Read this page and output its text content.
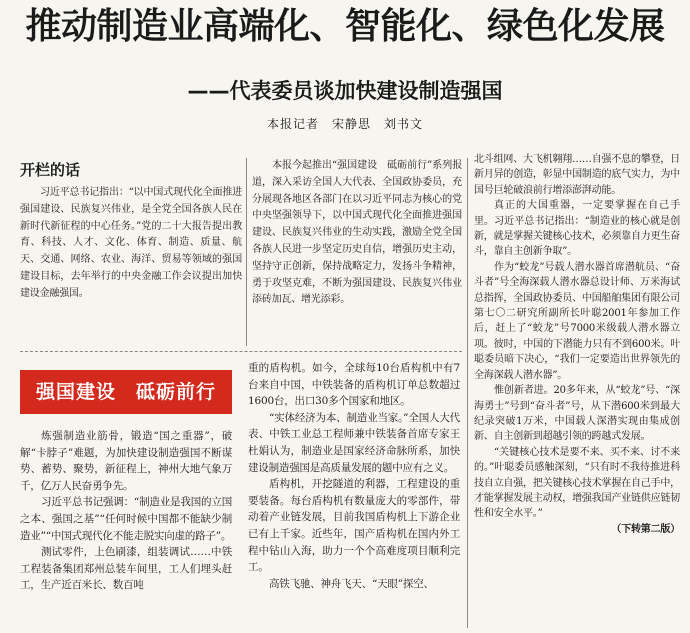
推动制造业高端化、智能化、绿色化发展
——代表委员谈加快建设制造强国
本报记者　宋静思　刘书文
开栏的话

习近平总书记指出：“以中国式现代化全面推进强国建设、民族复兴伟业，是全党全国各族人民在新时代新征程的中心任务。”党的二十大报告提出教育、科技、人才、文化、体育、制造、质量、航天、交通、网络、农业、海洋、贸易等领域的强国建设目标，去年举行的中央金融工作会议提出加快建设金融强国。

本报今起推出“强国建设　砥砺前行”系列报道，深入采访全国人大代表、全国政协委员，充分展现各地区各部门在以习近平同志为核心的党中央坚强领导下，以中国式现代化全面推进强国建设、民族复兴伟业的生动实践，激励全党全国各族人民进一步坚定历史自信，增强历史主动，坚持守正创新，保持战略定力，发扬斗争精神，勇于攻坚克难，不断为强国建设、民族复兴伟业添砖加瓦、增光添彩。

强国建设　砥砺前行

炼强制造业筋骨，锻造“国之重器”，破解“卡脖子”难题，为加快建设制造强国不断谋势、蓄势、聚势，新征程上，神州大地气象万千，亿万人民奋勇争先。

习近平总书记强调：“制造业是我国的立国之本、强国之基”“任何时候中国都不能缺少制造业”“中国式现代化不能走脱实向虚的路子”。

测试零件，上色刷漆，组装调试……中铁工程装备集团郑州总装车间里，工人们埋头赶工，生产近百米长、数百吨

重的盾构机。如今，全球每10台盾构机中有7台来自中国，中铁装备的盾构机订单总数超过1600台，出口30多个国家和地区。

“实体经济为本、制造业当家。”全国人大代表、中铁工业总工程师兼中铁装备首席专家王杜娟认为，制造业是国家经济命脉所系，加快建设制造强国是高质量发展的题中应有之义。

盾构机，开挖隧道的利器，工程建设的重要装备。每台盾构机有数量庞大的零部件，带动着产业链发展，目前我国盾构机上下游企业已有上千家。近些年，国产盾构机在国内外工程中钻山入海，助力一个个高难度项目顺利完工。

高铁飞驰、神舟飞天、“天眼”探空、

北斗组网、大飞机翱翔……自强不息的攀登，日新月异的创造，彰显中国制造的底气实力，为中国号巨轮破浪前行增添澎湃动能。

真正的大国重器，一定要掌握在自己手里。习近平总书记指出：“制造业的核心就是创新，就是掌握关键核心技术，必须靠自力更生奋斗，靠自主创新争取”。

作为“蛟龙”号载人潜水器首席潜航员、“奋斗者”号全海深载人潜水器总设计师、万米海试总指挥，全国政协委员、中国船舶集团有限公司第七〇二研究所副所长叶聪2001年参加工作后，赶上了“蛟龙”号7000米级载人潜水器立项。彼时，中国的下潜能力只有不到600米。叶聪委员暗下决心，“我们一定要造出世界领先的全海深载人潜水器”。

惟创新者进。20多年来，从“蛟龙”号、“深海勇士”号到“奋斗者”号，从下潜600米到最大纪录突破1万米，中国载人深潜实现由集成创新、自主创新到超越引领的跨越式发展。

“关键核心技术是要不来、买不来、讨不来的。”叶聪委员感触深刻，“只有时不我待推进科技自立自强，把关键核心技术掌握在自己手中，才能掌握发展主动权，增强我国产业链供应链韧性和安全水平。”

（下转第二版）
